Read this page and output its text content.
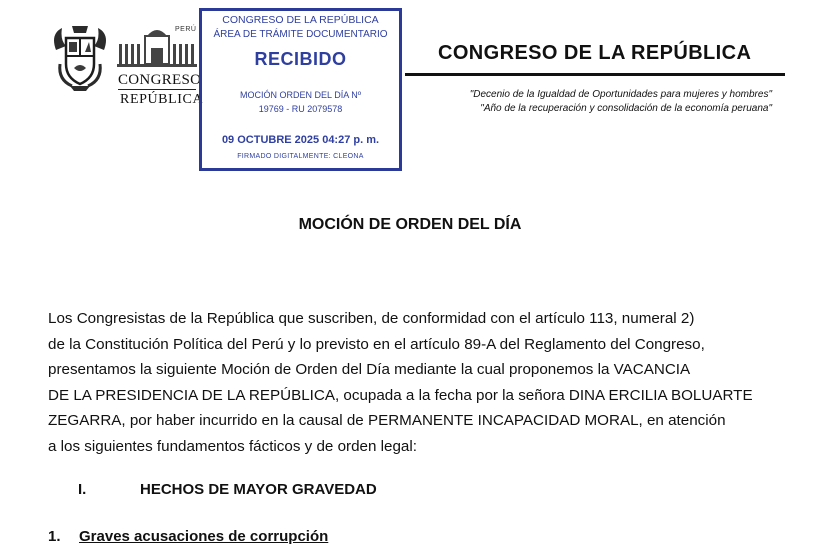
PERÚ
CONGRESO
REPÚBLICA
CONGRESO DE LA REPÚBLICA
ÁREA DE TRÁMITE DOCUMENTARIO
RECIBIDO
MOCIÓN ORDEN DEL DÍA Nº
19769 - RU 2079578
09 OCTUBRE 2025 04:27 p. m.
FIRMADO DIGITALMENTE: CLEONA
CONGRESO DE LA REPÚBLICA
"Decenio de la Igualdad de Oportunidades para mujeres y hombres"
"Año de la recuperación y consolidación de la economía peruana"
MOCIÓN DE ORDEN DEL DÍA

Los Congresistas de la República que suscriben, de conformidad con el artículo 113, numeral 2)

de la Constitución Política del Perú y lo previsto en el artículo 89-A del Reglamento del Congreso,

presentamos la siguiente Moción de Orden del Día mediante la cual proponemos la VACANCIA

DE LA PRESIDENCIA DE LA REPÚBLICA, ocupada a la fecha por la señora DINA ERCILIA BOLUARTE

ZEGARRA, por haber incurrido en la causal de PERMANENTE INCAPACIDAD MORAL, en atención

a los siguientes fundamentos fácticos y de orden legal:

I.	HECHOS DE MAYOR GRAVEDAD
1. Graves acusaciones de corrupción
